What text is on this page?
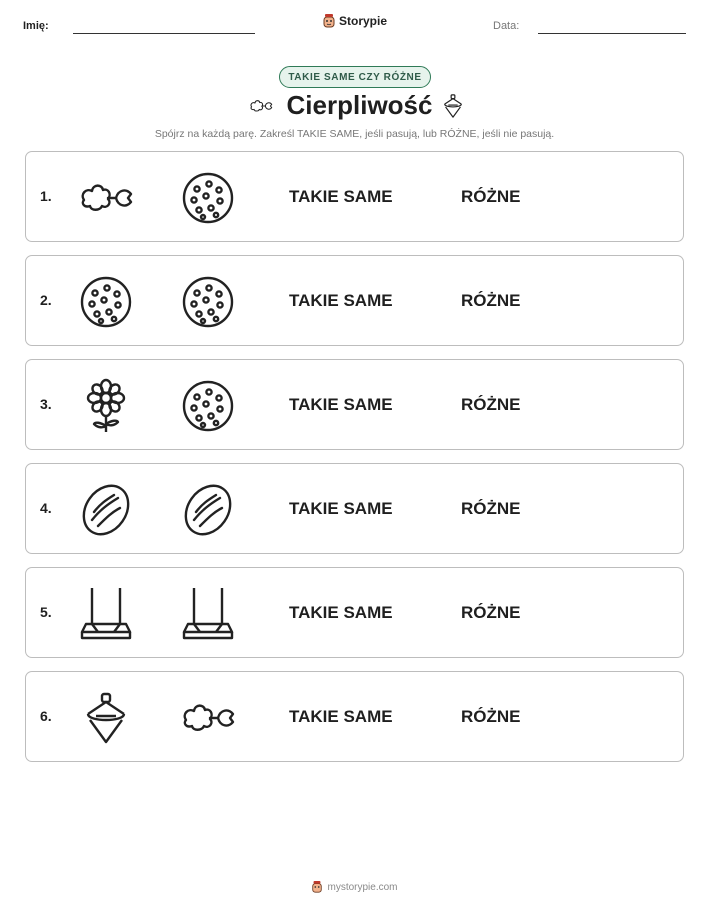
Imię:	Storypie	Data:
TAKIE SAME CZY RÓŻNE
Cierpliwość
Spójrz na każdą parę. Zakreśl TAKIE SAME, jeśli pasują, lub RÓŻNE, jeśli nie pasują.
1.	TAKIE SAME	RÓŻNE
2.	TAKIE SAME	RÓŻNE
3.	TAKIE SAME	RÓŻNE
4.	TAKIE SAME	RÓŻNE
5.	TAKIE SAME	RÓŻNE
6.	TAKIE SAME	RÓŻNE
mystorypie.com
